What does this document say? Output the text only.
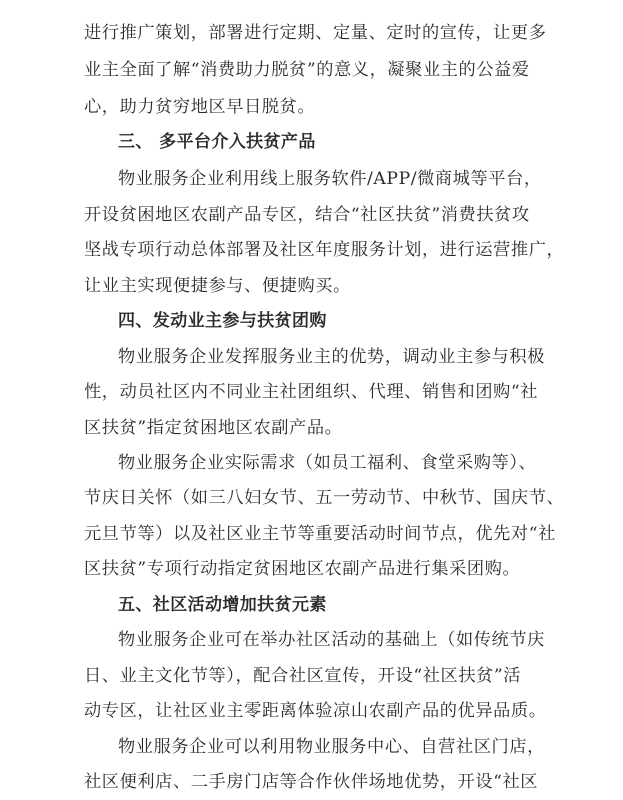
进行推广策划，部署进行定期、定量、定时的宣传，让更多
业主全面了解“消费助力脱贫”的意义，凝聚业主的公益爱
心，助力贫穷地区早日脱贫。
三、 多平台介入扶贫产品
物业服务企业利用线上服务软件/APP/微商城等平台，
开设贫困地区农副产品专区，结合“社区扶贫”消费扶贫攻
坚战专项行动总体部署及社区年度服务计划，进行运营推广，
让业主实现便捷参与、便捷购买。
四、发动业主参与扶贫团购
物业服务企业发挥服务业主的优势，调动业主参与积极
性，动员社区内不同业主社团组织、代理、销售和团购“社
区扶贫”指定贫困地区农副产品。
物业服务企业实际需求（如员工福利、食堂采购等）、
节庆日关怀（如三八妇女节、五一劳动节、中秋节、国庆节、
元旦节等）以及社区业主节等重要活动时间节点，优先对“社
区扶贫”专项行动指定贫困地区农副产品进行集采团购。
五、社区活动增加扶贫元素
物业服务企业可在举办社区活动的基础上（如传统节庆
日、业主文化节等），配合社区宣传，开设“社区扶贫”活
动专区，让社区业主零距离体验凉山农副产品的优异品质。
物业服务企业可以利用物业服务中心、自营社区门店，
社区便利店、二手房门店等合作伙伴场地优势，开设“社区
